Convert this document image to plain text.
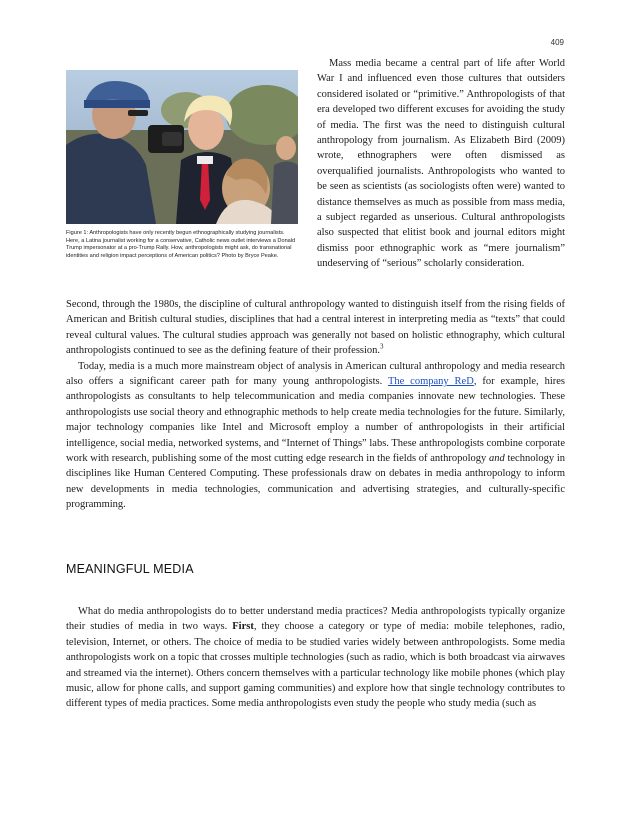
409
Figure 1: Anthropologists have only recently begun ethnographically studying journalists. Here, a Latina journalist working for a conservative, Catholic news outlet interviews a Donald Trump impersonator at a pro-Trump Rally. How, anthropologists might ask, do transnational identities and religion impact perceptions of American politics? Photo by Bryce Peake.

Mass media became a central part of life after World War I and influenced even those cultures that outsiders considered isolated or “primitive.” Anthropologists of that era developed two different excuses for avoiding the study of media. The first was the need to distinguish cultural anthropology from journalism. As Elizabeth Bird (2009) wrote, ethnographers were often dismissed as overqualified journalists. Anthropologists who wanted to be seen as scientists (as sociologists often were) wanted to distance themselves as much as possible from mass media, a subject regarded as unserious. Cultural anthropologists also suspected that elitist book and journal editors might dismiss poor ethnographic work as “mere journalism” undeserving of “serious” scholarly consideration.

Second, through the 1980s, the discipline of cultural anthropology wanted to distinguish itself from the rising fields of American and British cultural studies, disciplines that had a central interest in interpreting media as “texts” that could reveal cultural values. The cultural studies approach was generally not based on holistic ethnography, which cultural anthropologists continued to see as the defining feature of their profession.$^3$

Today, media is a much more mainstream object of analysis in American cultural anthropology and media research also offers a significant career path for many young anthropologists. The company ReD, for example, hires anthropologists as consultants to help telecommunication and media companies innovate new technologies. These anthropologists use social theory and ethnographic methods to help create media technologies for the future. Similarly, major technology companies like Intel and Microsoft employ a number of anthropologists in their artificial intelligence, social media, networked systems, and “Internet of Things” labs. These anthropologists combine corporate work with research, publishing some of the most cutting edge research in the fields of anthropology and technology in disciplines like Human Centered Computing. These professionals draw on debates in media anthropology to inform new developments in media technologies, communication and advertising strategies, and culturally-specific programming.

MEANINGFUL MEDIA

What do media anthropologists do to better understand media practices? Media anthropologists typically organize their studies of media in two ways. First, they choose a category or type of media: mobile telephones, radio, television, Internet, or others. The choice of media to be studied varies widely between anthropologists. Some media anthropologists work on a topic that crosses multiple technologies (such as radio, which is both broadcast via airwaves and streamed via the internet). Others concern themselves with a particular technology like mobile phones (which play music, allow for phone calls, and support gaming communities) and explore how that single technology contributes to different types of media practices. Some media anthropologists even study the people who study media (such as
